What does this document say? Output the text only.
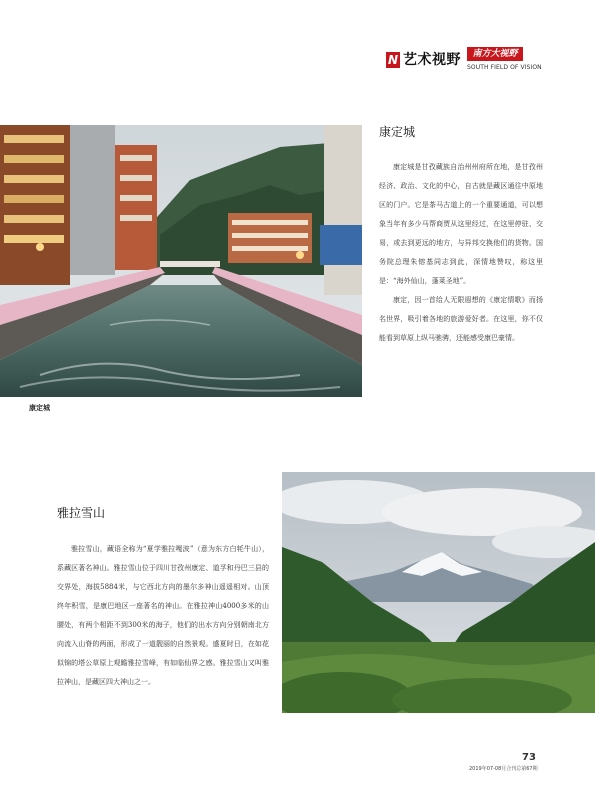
N 艺术视野	南方大视野
SOUTH FIELD OF VISION
康定城
康定城

康定城是甘孜藏族自治州州府所在地，是甘孜州经济、政治、文化的中心，自古就是藏区通往中原地区的门户。它是茶马古道上的一个重要通道，可以想象当年有多少马帮商贾从这里经过，在这里停驻、交易，或去到更远的地方，与异邦交换他们的货物。国务院总理朱镕基同志到此，深情地赞叹，称这里是：“海外仙山，蓬莱圣地”。

康定，因一首给人无限遐想的《康定情歌》而扬名世界，吸引着各地的旅游爱好者。在这里，你不仅能看到草原上纵马驰骋，还能感受康巴豪情。

雅拉雪山

雅拉雪山，藏语全称为“夏学雅拉嘎波”（意为东方白牦牛山），系藏区著名神山。雅拉雪山位于四川甘孜州康定、道孚和丹巴三县的交界处，海拔5884米，与它西北方向的墨尔多神山遥遥相对。山顶终年积雪，是康巴地区一座著名的神山。在雅拉神山4000多米的山腰处，有两个相距不到300米的海子，他们的出水方向分别朝南北方向流入山脊的两面，形成了一道靓丽的自然景观。盛夏时日，在如花似锦的塔公草原上观瞻雅拉雪峰，有如临仙界之感。雅拉雪山又叫雅拉神山，是藏区四大神山之一。

73
2019年07-08月合刊总第67期
